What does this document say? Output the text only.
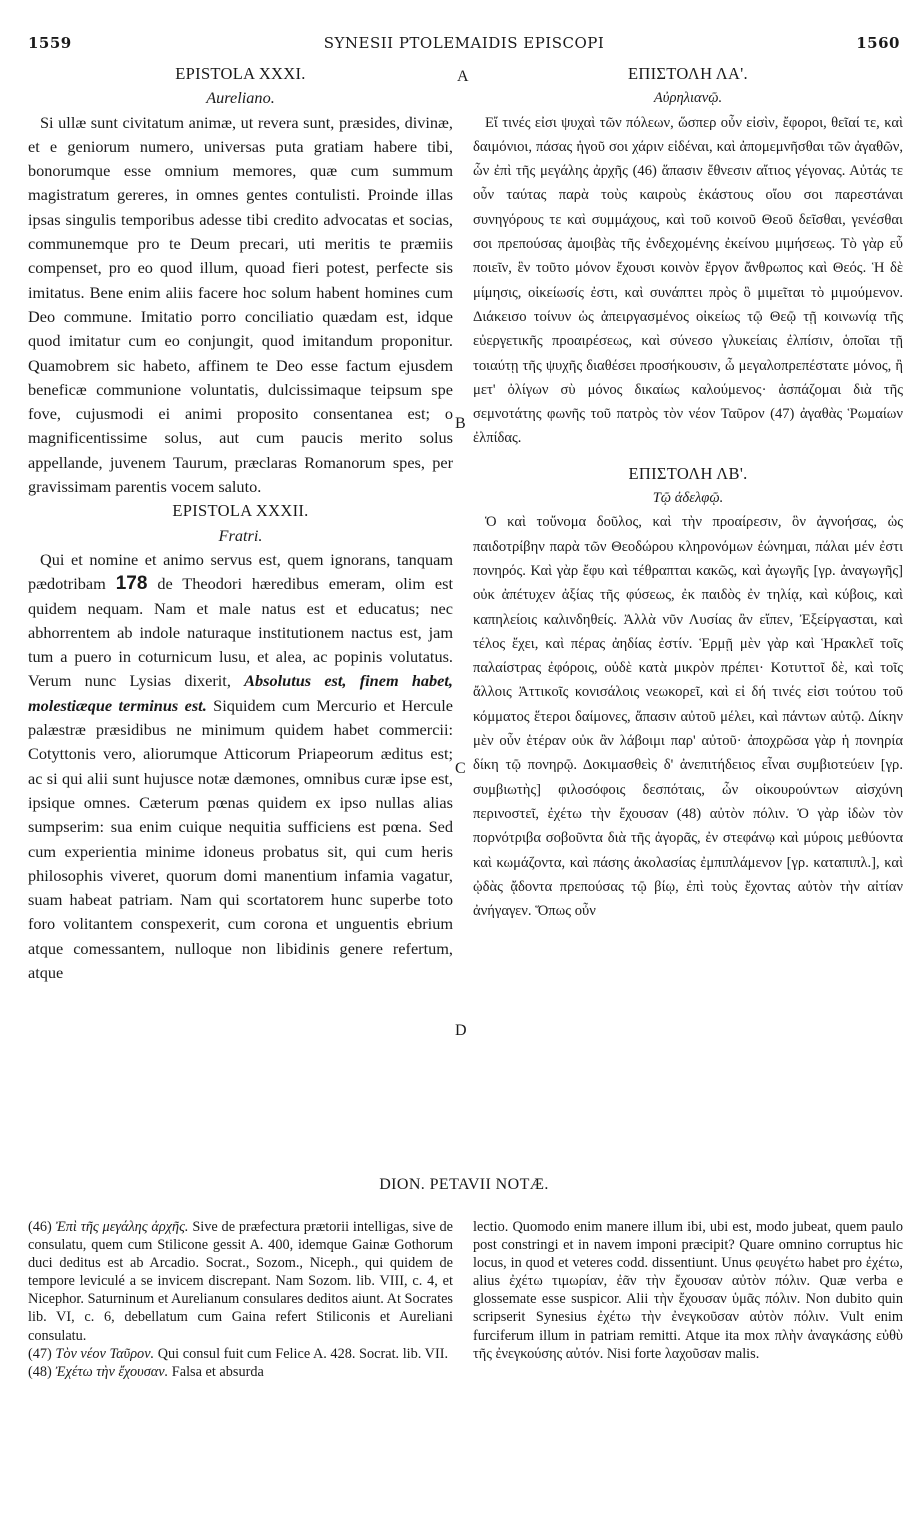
1559	SYNESII PTOLEMAIDIS EPISCOPI	1560
A
B
C
D

EPISTOLA XXXI.

Aureliano.

Si ullæ sunt civitatum animæ, ut revera sunt, præsides, divinæ, et e geniorum numero, universas puta gratiam habere tibi, bonorumque esse omnium memores, quæ cum summum magistratum gereres, in omnes gentes contulisti. Proinde illas ipsas singulis temporibus adesse tibi credito advocatas et socias, communemque pro te Deum precari, uti meritis te præmiis compenset, pro eo quod illum, quoad fieri potest, perfecte sis imitatus. Bene enim aliis facere hoc solum habent homines cum Deo commune. Imitatio porro conciliatio quædam est, idque quod imitatur cum eo conjungit, quod imitandum proponitur. Quamobrem sic habeto, affinem te Deo esse factum ejusdem beneficæ communione voluntatis, dulcissimaque teipsum spe fove, cujusmodi ei animi proposito consentanea est; o magnificentissime solus, aut cum paucis merito solus appellande, juvenem Taurum, præclaras Romanorum spes, per gravissimam parentis vocem saluto.

EPISTOLA XXXII.

Fratri.

Qui et nomine et animo servus est, quem ignorans, tanquam pædotribam 178 de Theodori hæredibus emeram, olim est quidem nequam. Nam et male natus est et educatus; nec abhorrentem ab indole naturaque institutionem nactus est, jam tum a puero in coturnicum lusu, et alea, ac popinis volutatus. Verum nunc Lysias dixerit, Absolutus est, finem habet, molestiæque terminus est. Siquidem cum Mercurio et Hercule palæstræ præsidibus ne minimum quidem habet commercii: Cotyttonis vero, aliorumque Atticorum Priapeorum æditus est; ac si qui alii sunt hujusce notæ dæmones, omnibus curæ ipse est, ipsique omnes. Cæterum pœnas quidem ex ipso nullas alias sumpserim: sua enim cuique nequitia sufficiens est pœna. Sed cum experientia minime idoneus probatus sit, qui cum heris philosophis viveret, quorum domi manentium infamia vagatur, suam habeat patriam. Nam qui scortatorem hunc superbe toto foro volitantem conspexerit, cum corona et unguentis ebrium atque comessantem, nulloque non libidinis genere refertum, atque

ΕΠΙΣΤΟΛΗ ΛΑ'.

Αὐρηλιανῷ.

Εἴ τινές εἰσι ψυχαὶ τῶν πόλεων, ὥσπερ οὖν εἰσὶν, ἔφοροι, θεῖαί τε, καὶ δαιμόνιοι, πάσας ἡγοῦ σοι χάριν εἰδέναι, καὶ ἀπομεμνῆσθαι τῶν ἀγαθῶν, ὧν ἐπὶ τῆς μεγάλης ἀρχῆς (46) ἅπασιν ἔθνεσιν αἴτιος γέγονας. Αὐτάς τε οὖν ταύτας παρὰ τοὺς καιροὺς ἑκάστους οἴου σοι παρεστάναι συνηγόρους τε καὶ συμμάχους, καὶ τοῦ κοινοῦ Θεοῦ δεῖσθαι, γενέσθαι σοι πρεπούσας ἀμοιβὰς τῆς ἐνδεχομένης ἐκείνου μιμήσεως. Τὸ γὰρ εὖ ποιεῖν, ἓν τοῦτο μόνον ἔχουσι κοινὸν ἔργον ἄνθρωπος καὶ Θεός. Ἡ δὲ μίμησις, οἰκείωσίς ἐστι, καὶ συνάπτει πρὸς ὃ μιμεῖται τὸ μιμούμενον. Διάκεισο τοίνυν ὡς ἀπειργασμένος οἰκείως τῷ Θεῷ τῇ κοινωνίᾳ τῆς εὐεργετικῆς προαιρέσεως, καὶ σύνεσο γλυκείαις ἐλπίσιν, ὁποῖαι τῇ τοιαύτῃ τῆς ψυχῆς διαθέσει προσήκουσιν, ὦ μεγαλοπρεπέστατε μόνος, ἢ μετ' ὀλίγων σὺ μόνος δικαίως καλούμενος· ἀσπάζομαι διὰ τῆς σεμνοτάτης φωνῆς τοῦ πατρὸς τὸν νέον Ταῦρον (47) ἀγαθὰς Ῥωμαίων ἐλπίδας.

ΕΠΙΣΤΟΛΗ ΛΒ'.

Τῷ ἀδελφῷ.

Ὁ καὶ τοὔνομα δοῦλος, καὶ τὴν προαίρεσιν, ὃν ἀγνοήσας, ὡς παιδοτρίβην παρὰ τῶν Θεοδώρου κληρονόμων ἐώνημαι, πάλαι μέν ἐστι πονηρός. Καὶ γὰρ ἔφυ καὶ τέθραπται κακῶς, καὶ ἀγωγῆς [γρ. ἀναγωγῆς] οὐκ ἀπέτυχεν ἀξίας τῆς φύσεως, ἐκ παιδὸς ἐν τηλίᾳ, καὶ κύβοις, καὶ καπηλείοις καλινδηθείς. Ἀλλὰ νῦν Λυσίας ἂν εἴπεν, Ἐξείργασται, καὶ τέλος ἔχει, καὶ πέρας ἀηδίας ἐστίν. Ἑρμῇ μὲν γὰρ καὶ Ἡρακλεῖ τοῖς παλαίστρας ἐφόροις, οὐδὲ κατὰ μικρὸν πρέπει· Κοτυττοῖ δὲ, καὶ τοῖς ἄλλοις Ἀττικοῖς κονισάλοις νεωκορεῖ, καὶ εἰ δή τινές εἰσι τούτου τοῦ κόμματος ἕτεροι δαίμονες, ἅπασιν αὐτοῦ μέλει, καὶ πάντων αὐτῷ. Δίκην μὲν οὖν ἑτέραν οὐκ ἂν λάβοιμι παρ' αὐτοῦ· ἀποχρῶσα γὰρ ἡ πονηρία δίκη τῷ πονηρῷ. Δοκιμασθεὶς δ' ἀνεπιτήδειος εἶναι συμβιοτεύειν [γρ. συμβιωτὴς] φιλοσόφοις δεσπόταις, ὧν οἰκουρούντων αἰσχύνη περινοστεῖ, ἐχέτω τὴν ἔχουσαν (48) αὐτὸν πόλιν. Ὁ γὰρ ἰδὼν τὸν πορνότριβα σοβοῦντα διὰ τῆς ἀγορᾶς, ἐν στεφάνῳ καὶ μύροις μεθύοντα καὶ κωμάζοντα, καὶ πάσης ἀκολασίας ἐμπιπλάμενον [γρ. καταπιπλ.], καὶ ᾠδὰς ᾄδοντα πρεπούσας τῷ βίῳ, ἐπὶ τοὺς ἔχοντας αὐτὸν τὴν αἰτίαν ἀνήγαγεν. Ὅπως οὖν

DION. PETAVII NOTÆ.

(46) Ἐπὶ τῆς μεγάλης ἀρχῆς. Sive de præfectura prætorii intelligas, sive de consulatu, quem cum Stilicone gessit A. 400, idemque Gainæ Gothorum duci deditus est ab Arcadio. Socrat., Sozom., Niceph., qui quidem de tempore leviculé a se invicem discrepant. Nam Sozom. lib. VIII, c. 4, et Nicephor. Saturninum et Aurelianum consulares deditos aiunt. At Socrates lib. VI, c. 6, debellatum cum Gaina refert Stiliconis et Aureliani consulatu.

(47) Τὸν νέον Ταῦρον. Qui consul fuit cum Felice A. 428. Socrat. lib. VII.

(48) Ἐχέτω τὴν ἔχουσαν. Falsa et absurda

lectio. Quomodo enim manere illum ibi, ubi est, modo jubeat, quem paulo post constringi et in navem imponi præcipit? Quare omnino corruptus hic locus, in quod et veteres codd. dissentiunt. Unus φευγέτω habet pro ἐχέτω, alius ἐχέτω τιμωρίαν, ἐᾶν τὴν ἔχουσαν αὐτὸν πόλιν. Quæ verba e glossemate esse suspicor. Alii τὴν ἔχουσαν ὑμᾶς πόλιν. Non dubito quin scripserit Synesius ἐχέτω τὴν ἐνεγκοῦσαν αὐτὸν πόλιν. Vult enim furciferum illum in patriam remitti. Atque ita mox πλὴν ἀναγκάσης εὐθὺ τῆς ἐνεγκούσης αὐτόν. Nisi forte λαχοῦσαν malis.
